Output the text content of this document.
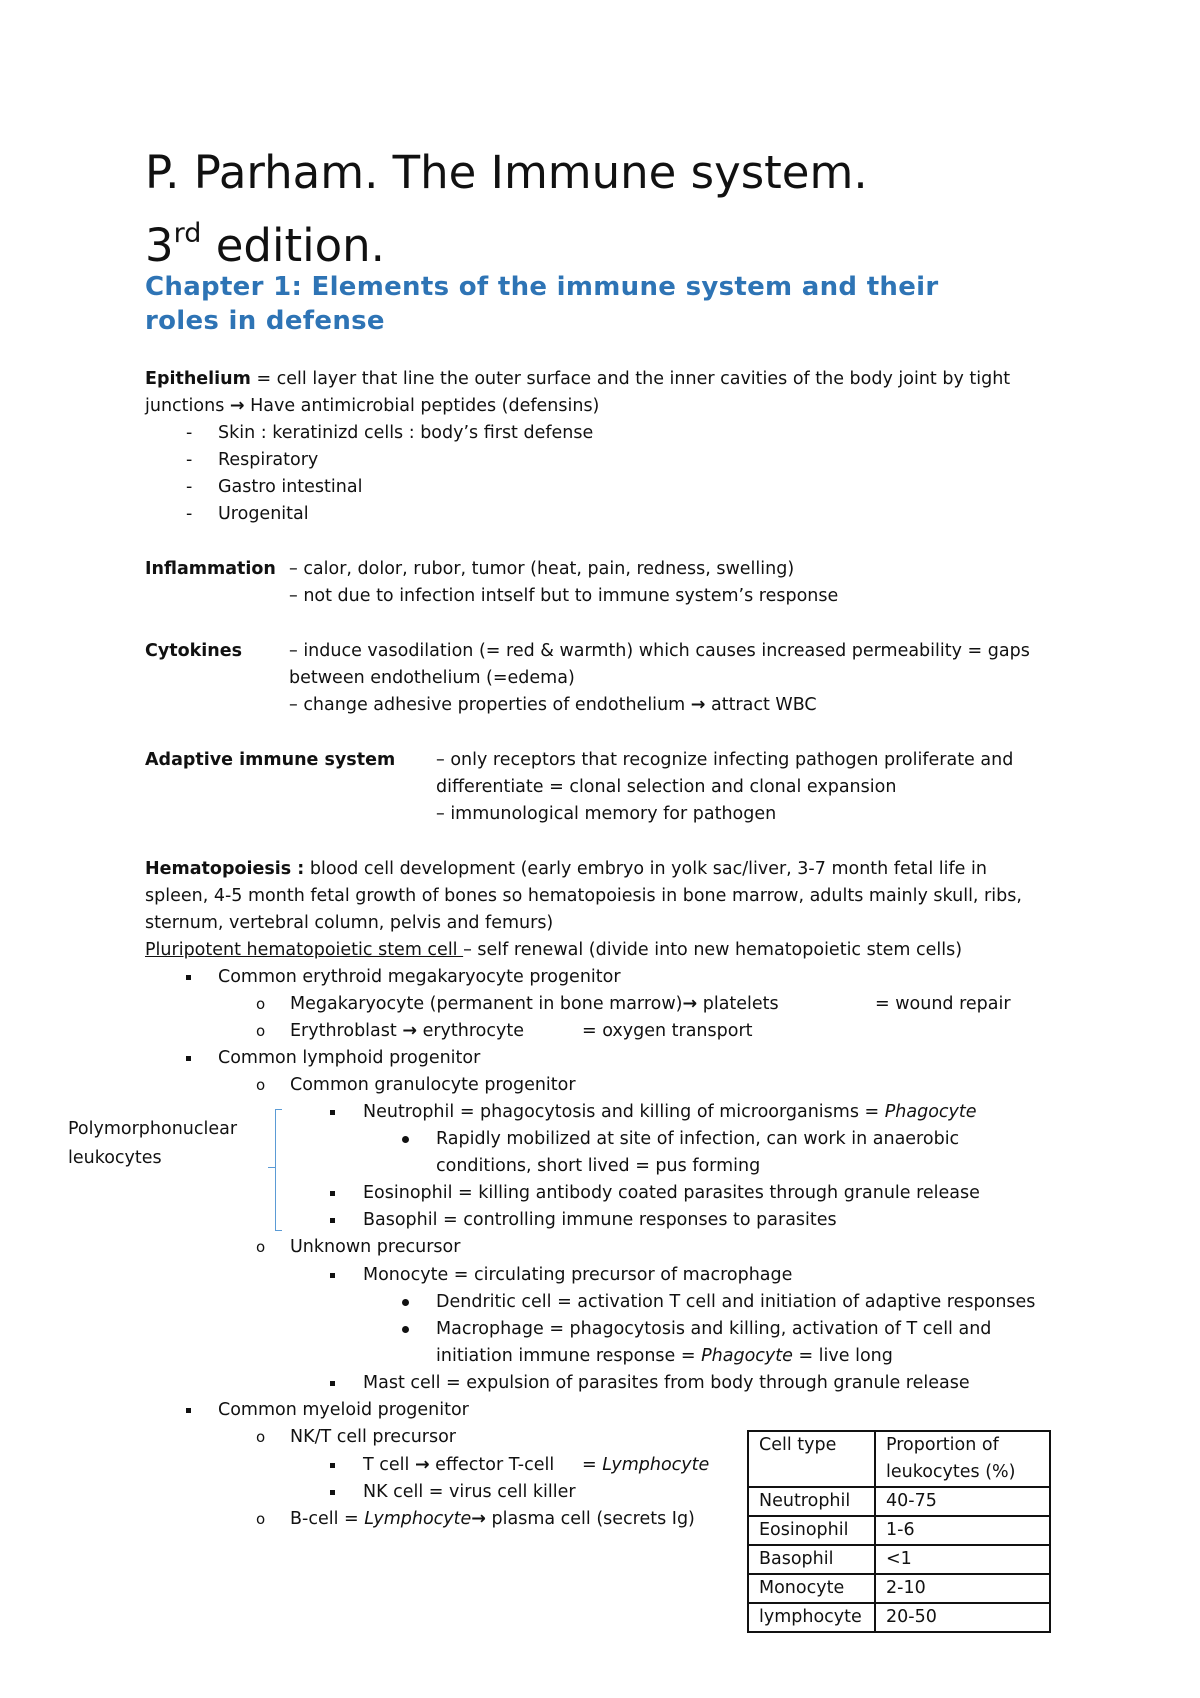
P. Parham. The Immune system.
3rd edition.
Chapter 1: Elements of the immune system and their
roles in defense
Epithelium = cell layer that line the outer surface and the inner cavities of the body joint by tight
junctions → Have antimicrobial peptides (defensins)
- Skin : keratinizd cells : body’s first defense
- Respiratory
- Gastro intestinal
- Urogenital
Inflammation – calor, dolor, rubor, tumor (heat, pain, redness, swelling)
– not due to infection intself but to immune system’s response
Cytokines	– induce vasodilation (= red & warmth) which causes increased permeability = gaps
between endothelium (=edema)
– change adhesive properties of endothelium → attract WBC
Adaptive immune system – only receptors that recognize infecting pathogen proliferate and
differentiate = clonal selection and clonal expansion
– immunological memory for pathogen
Hematopoiesis : blood cell development (early embryo in yolk sac/liver, 3-7 month fetal life in
spleen, 4-5 month fetal growth of bones so hematopoiesis in bone marrow, adults mainly skull, ribs,
sternum, vertebral column, pelvis and femurs)
Pluripotent hematopoietic stem cell – self renewal (divide into new hematopoietic stem cells)
Common erythroid megakaryocyte progenitor
o Megakaryocyte (permanent in bone marrow)→ platelets	= wound repair
o Erythroblast → erythrocyte	= oxygen transport
Common lymphoid progenitor
o Common granulocyte progenitor
Polymorphonuclear
leukocytes
Neutrophil = phagocytosis and killing of microorganisms = Phagocyte
Rapidly mobilized at site of infection, can work in anaerobic
conditions, short lived = pus forming
Eosinophil = killing antibody coated parasites through granule release
Basophil = controlling immune responses to parasites
o Unknown precursor
Monocyte = circulating precursor of macrophage
Dendritic cell = activation T cell and initiation of adaptive responses
Macrophage = phagocytosis and killing, activation of T cell and
initiation immune response = Phagocyte = live long
Mast cell = expulsion of parasites from body through granule release
Common myeloid progenitor
o NK/T cell precursor
T cell → effector T-cell = Lymphocyte
NK cell = virus cell killer
o B-cell = Lymphocyte→ plasma cell (secrets Ig)
Cell type	Proportion of
leukocytes (%)

Neutrophil	40-75
Eosinophil	1-6
Basophil	<1
Monocyte	2-10
lymphocyte	20-50
